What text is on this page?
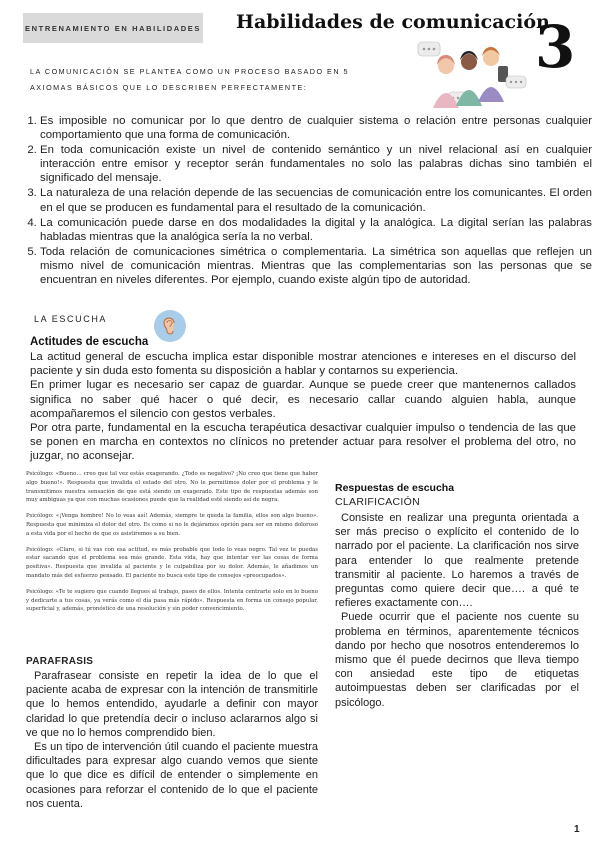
ENTRENAMIENTO EN HABILIDADES Habilidades de comunicación
3
LA COMUNICACIÓN SE PLANTEA COMO UN PROCESO BASADO EN 5 AXIOMAS BÁSICOS QUE LO DESCRIBEN PERFECTAMENTE:
1. Es imposible no comunicar por lo que dentro de cualquier sistema o relación entre personas cualquier comportamiento que una forma de comunicación.
2. En toda comunicación existe un nivel de contenido semántico y un nivel relacional así en cualquier interacción entre emisor y receptor serán fundamentales no solo las palabras dichas sino también el significado del mensaje.
3. La naturaleza de una relación depende de las secuencias de comunicación entre los comunicantes. El orden en el que se producen es fundamental para el resultado de la comunicación.
4. La comunicación puede darse en dos modalidades la digital y la analógica. La digital serían las palabras habladas mientras que la analógica sería la no verbal.
5. Toda relación de comunicaciones simétrica o complementaria. La simétrica son aquellas que reflejen un mismo nivel de comunicación mientras. Mientras que las complementarias son las personas que se encuentran en niveles diferentes. Por ejemplo, cuando existe algún tipo de autoridad.
LA ESCUCHA
Actitudes de escucha

La actitud general de escucha implica estar disponible mostrar atenciones e intereses en el discurso del paciente y sin duda esto fomenta su disposición a hablar y contarnos su experiencia.

En primer lugar es necesario ser capaz de guardar. Aunque se puede creer que mantenernos callados significa no saber qué hacer o qué decir, es necesario callar cuando alguien habla, aunque acompañaremos el silencio con gestos verbales.

Por otra parte, fundamental en la escucha terapéutica desactivar cualquier impulso o tendencia de las que se ponen en marcha en contextos no clínicos no pretender actuar para resolver el problema del otro, no juzgar, no aconsejar.

Psicólogo: «Bueno… creo que tal vez estás exagerando. ¿Todo es negativo? ¡No creo que tiene que haber algo bueno!». Respuesta que invalida el estado del otro. No le permitimos doler por el problema y le transmitimos nuestra sensación de que está siendo un exagerado. Este tipo de respuestas además son muy ambiguas ya que con muchas ocasiones puede que la realidad esté siendo así de negra.

Psicólogo: «¡Venga hombre! No lo veas así! Además, siempre te queda la familia, ellos son algo bueno». Respuesta que minimiza el dolor del otro. Es como si no le dejáramos opción para ser en mismo doloroso a esta vida por el hecho de que os asistiremos a su bien.

Psicólogo: «Claro, si tú vas con esa actitud, es más probable que todo lo veas negro. Tal vez te puedas estar sacando que el problema sea más grande. Esta vida, hay que intentar ver las cosas de forma positiva». Respuesta que invalida al paciente y le culpabiliza por su dolor. Además, le añadimos un mandato más del esfuerzo pensado. El paciente no busca este tipo de consejos «preocupados».

Psicólogo: «Te te sugiero que cuando llegues al trabajo, pases de ellos. Intenta centrarte solo en lo bueno y dedicarte a tus cosas, ya verás como el día pasa más rápido». Respuesta en forma un consejo popular, superficial y, además, pronóstico de una resolución y sin poder convencimiento.

PARAFRASIS

Parafrasear consiste en repetir la idea de lo que el paciente acaba de expresar con la intención de transmitirle que lo hemos entendido, ayudarle a definir con mayor claridad lo que pretendía decir o incluso aclararnos algo si ve que no lo hemos comprendido bien.

Es un tipo de intervención útil cuando el paciente muestra dificultades para expresar algo cuando vemos que siente que lo que dice es difícil de entender o simplemente en ocasiones para reforzar el contenido de lo que el paciente nos cuenta.

Respuestas de escucha
CLARIFICACIÓN

Consiste en realizar una pregunta orientada a ser más preciso o explícito el contenido de lo narrado por el paciente. La clarificación nos sirve para entender lo que realmente pretende transmitir al paciente. Lo haremos a través de preguntas como quiere decir que…. a qué te refieres exactamente con….

Puede ocurrir que el paciente nos cuente su problema en términos, aparentemente técnicos dando por hecho que nosotros entenderemos lo mismo que él puede decirnos que lleva tiempo con ansiedad este tipo de etiquetas autoimpuestas deben ser clarificadas por el psicólogo.

1
